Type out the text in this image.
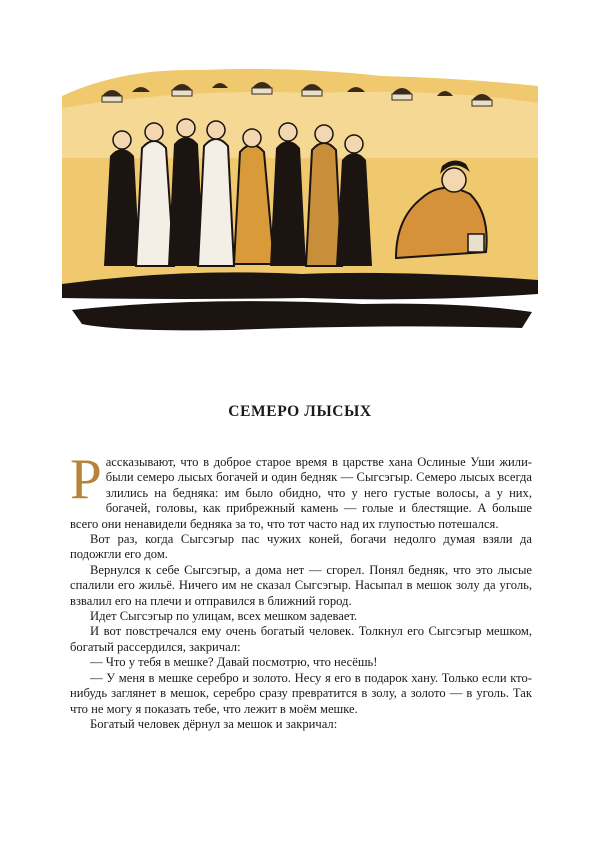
СЕМЕРО ЛЫСЫХ

Рассказывают, что в доброе старое время в царстве хана Ослиные Уши жили-были семеро лысых богачей и один бедняк — Сыгсэгыр. Семеро лысых всегда злились на бедняка: им было обидно, что у него густые волосы, а у них, богачей, головы, как прибрежный камень — голые и блестящие. А больше всего они ненавидели бедняка за то, что тот часто над их глупостью потешался.

Вот раз, когда Сыгсэгыр пас чужих коней, богачи недолго думая взяли да подожгли его дом.

Вернулся к себе Сыгсэгыр, а дома нет — сгорел. Понял бедняк, что это лысые спалили его жильё. Ничего им не сказал Сыгсэгыр. Насыпал в мешок золу да уголь, взвалил его на плечи и отправился в ближний город.

Идет Сыгсэгыр по улицам, всех мешком задевает.

И вот повстречался ему очень богатый человек. Толкнул его Сыгсэгыр мешком, богатый рассердился, закричал:

— Что у тебя в мешке? Давай посмотрю, что несёшь!

— У меня в мешке серебро и золото. Несу я его в подарок хану. Только если кто-нибудь заглянет в мешок, серебро сразу превратится в золу, а золото — в уголь. Так что не могу я показать тебе, что лежит в моём мешке.

Богатый человек дёрнул за мешок и закричал:
